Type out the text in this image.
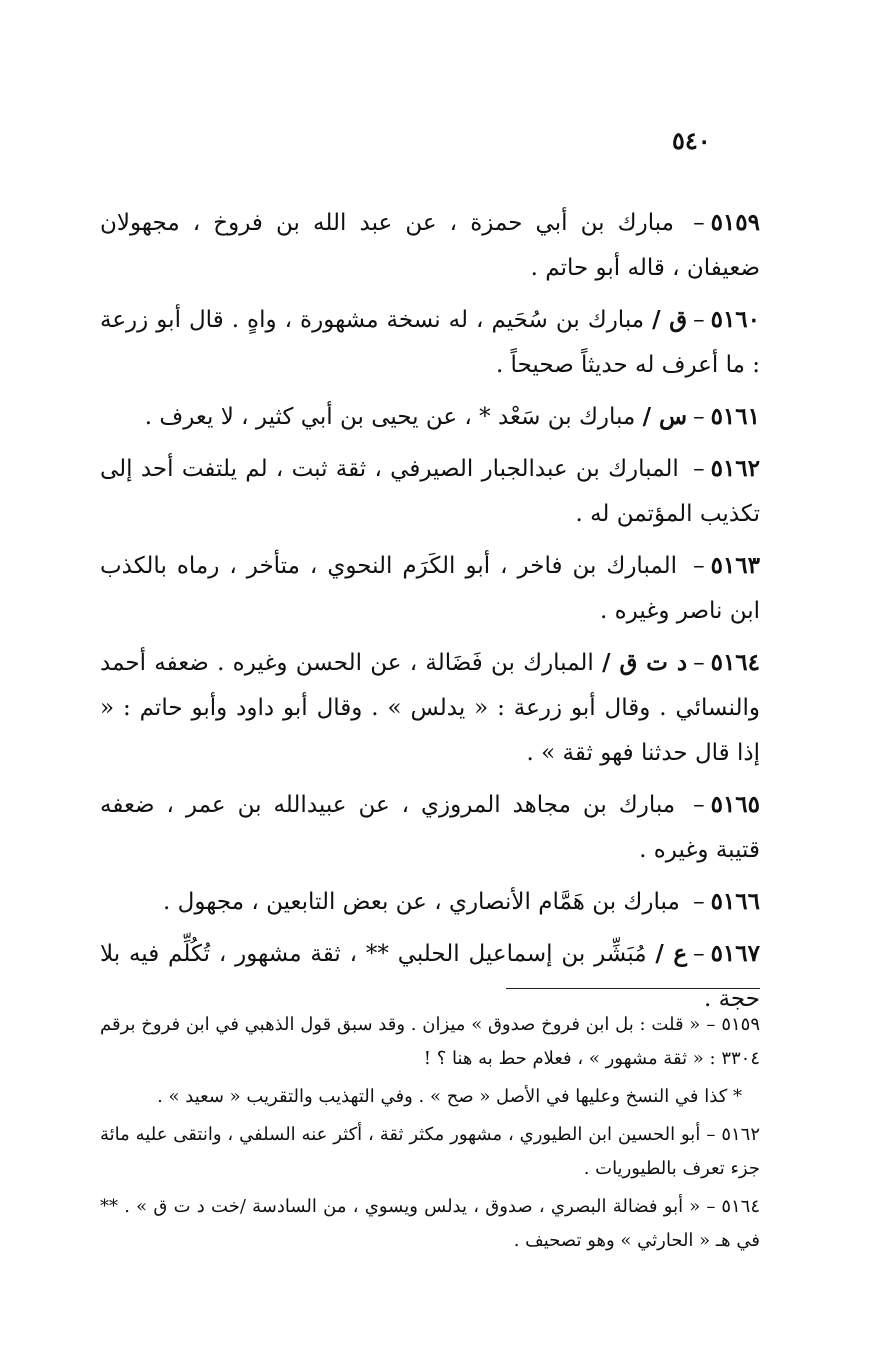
٥٤٠

٥١٥٩– مبارك بن أبي حمزة ، عن عبد الله بن فروخ ، مجهولان ضعيفان ، قاله أبو حاتم .

٥١٦٠–ق / مبارك بن سُحَيم ، له نسخة مشهورة ، واهٍ . قال أبو زرعة : ما أعرف له حديثاً صحيحاً .

٥١٦١–س / مبارك بن سَعْد * ، عن يحيى بن أبي كثير ، لا يعرف .

٥١٦٢– المبارك بن عبدالجبار الصيرفي ، ثقة ثبت ، لم يلتفت أحد إلى تكذيب المؤتمن له .

٥١٦٣– المبارك بن فاخر ، أبو الكَرَم النحوي ، متأخر ، رماه بالكذب ابن ناصر وغيره .

٥١٦٤–د ت ق / المبارك بن فَضَالة ، عن الحسن وغيره . ضعفه أحمد والنسائي . وقال أبو زرعة : « يدلس » . وقال أبو داود وأبو حاتم : « إذا قال حدثنا فهو ثقة » .

٥١٦٥– مبارك بن مجاهد المروزي ، عن عبيدالله بن عمر ، ضعفه قتيبة وغيره .

٥١٦٦– مبارك بن هَمَّام الأنصاري ، عن بعض التابعين ، مجهول .

٥١٦٧–ع / مُبَشِّر بن إسماعيل الحلبي ** ، ثقة مشهور ، تُكُلِّم فيه بلا حجة .

٥١٥٩–« قلت : بل ابن فروخ صدوق » ميزان . وقد سبق قول الذهبي في ابن فروخ برقم ٣٣٠٤ : « ثقة مشهور » ، فعلام حط به هنا ؟ !

* كذا في النسخ وعليها في الأصل « صح » . وفي التهذيب والتقريب « سعيد » .

٥١٦٢–أبو الحسين ابن الطيوري ، مشهور مكثر ثقة ، أكثر عنه السلفي ، وانتقى عليه مائة جزء تعرف بالطيوريات .

٥١٦٤–« أبو فضالة البصري ، صدوق ، يدلس ويسوي ، من السادسة /خت د ت ق » . ** في هـ « الحارثي » وهو تصحيف .
